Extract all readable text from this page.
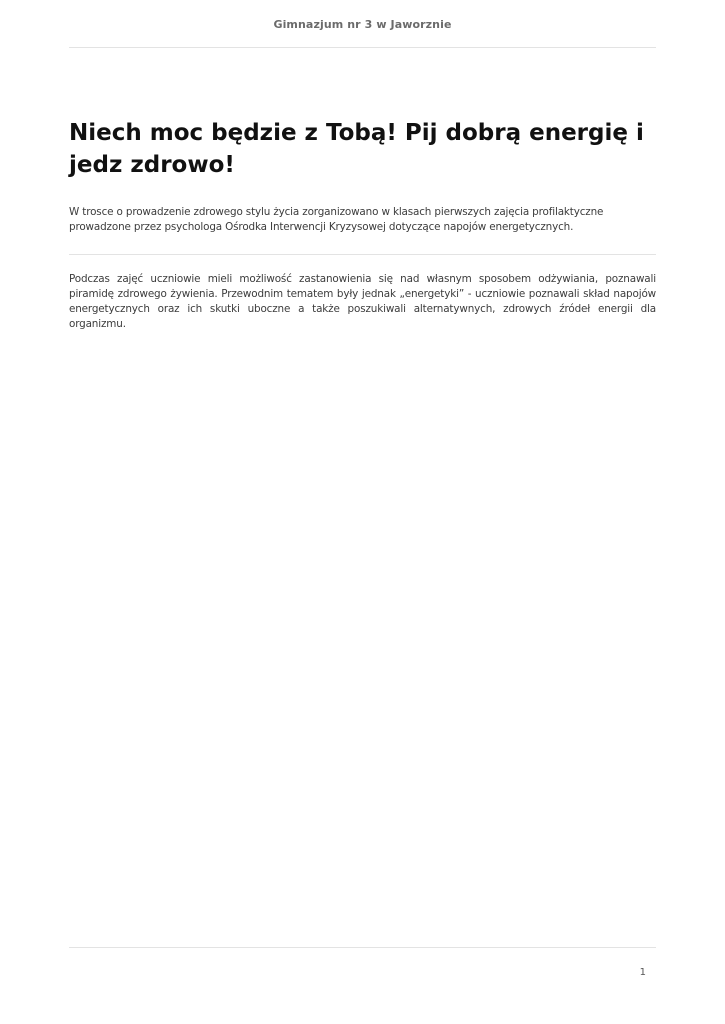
Gimnazjum nr 3 w Jaworznie
Niech moc będzie z Tobą! Pij dobrą energię i jedz zdrowo!

W trosce o prowadzenie zdrowego stylu życia zorganizowano w klasach pierwszych zajęcia profilaktyczne prowadzone przez psychologa Ośrodka Interwencji Kryzysowej dotyczące napojów energetycznych.

Podczas zajęć uczniowie mieli możliwość zastanowienia się nad własnym sposobem odżywiania, poznawali piramidę zdrowego żywienia. Przewodnim tematem były jednak „energetyki” - uczniowie poznawali skład napojów energetycznych oraz ich skutki uboczne a także poszukiwali alternatywnych, zdrowych źródeł energii dla organizmu.

1
